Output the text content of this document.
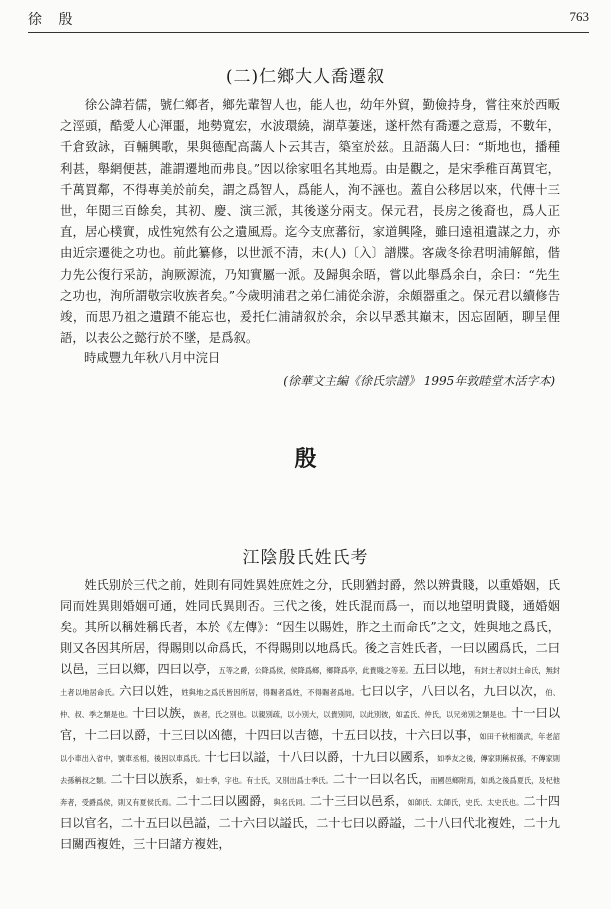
徐 殷	763
(二)仁鄉大人喬遷叙

徐公諱若儒，號仁鄉者，鄉先輩智人也，能人也，幼年外貿，勤儉持身，嘗往來於西畈之涇頭，酷愛人心渾噩，地勢寬宏，水波環繞，湖草萋迷，遂杆然有喬遷之意焉，不數年，千倉致詠，百輛興歌，果與德配高藹人卜云其吉，築室於兹。且語藹人曰：“斯地也，播種利甚，舉網便甚，誰謂遷地而弗良。”因以徐家咀名其地焉。由是觀之，是宋季稚百萬買宅，千萬買鄰，不得專美於前矣，謂之爲智人，爲能人，洵不誣也。蓋自公移居以來，代傳十三世，年閲三百餘矣，其初、慶、演三派，其後遂分兩支。保元君，長房之後裔也，爲人正直，居心樸實，成性宛然有公之遺風焉。迄今支庶蕃衍，家道興隆，雖曰遠祖遺謀之力，亦由近宗遷徙之功也。前此纂修，以世派不清，未(人)〔入〕譜牒。客歲冬徐君明浦解館，偕力先公復行采訪，詢厥源流，乃知實屬一派。及歸與余晤，嘗以此舉爲余白，余曰：“先生之功也，洵所謂敬宗收族者矣。”今歲明浦君之弟仁浦從余游，余頗器重之。保元君以續修告竣，而思乃祖之遺蹟不能忘也，爰托仁浦請叙於余，余以早悉其巔末，因忘固陋，聊呈俚語，以表公之懿行於不墜，是爲叙。

時咸豐九年秋八月中浣日
(徐華文主編《徐氏宗譜》 1995年敦睦堂木活字本)
殷
江陰殷氏姓氏考

姓氏别於三代之前，姓則有同姓異姓庶姓之分，氏則猶封爵，然以辨貴賤，以重婚姻，氏同而姓異則婚姻可通，姓同氏異則否。三代之後，姓氏混而爲一，而以地望明貴賤，通婚姻矣。其所以稱姓稱氏者，本於《左傳》：“因生以賜姓，胙之土而命氏”之文，姓與地之爲氏，則又各因其所居，得賜則以命爲氏，不得賜則以地爲氏。後之言姓氏者，一曰以國爲氏，二曰以邑，三曰以鄉，四曰以亭，五等之爵，公降爲侯，侯降爲鄉，鄉降爲亭，此貴賤之等差。五曰以地，有封土者以封土命氏，無封土者以地居命氏。六曰以姓，姓與地之爲氏皆因所居，得賜者爲姓，不得賜者爲地。七曰以字，八曰以名，九曰以次，伯、仲、叔、季之類是也。十曰以族，族者，氏之別也。以親別疏，以小別大，以貴別同，以此別彼，如孟氏、仲氏，以兄弟別之類是也。十一曰以官，十二曰以爵，十三曰以凶德，十四曰以吉德，十五曰以技，十六曰以事，如田千秋相漢武，年老詔以小車出入省中，號車丞相，後因以車爲氏。十七曰以謚，十八曰以爵，十九曰以國系，如季友之後，傳家則稱叔孫，不傳家則去孫稱叔之類。二十曰以族系，如士季，字也。有士氏，又別出爲士季氏。二十一曰以名氏，而國邑鄉附焉，如禹之後爲夏氏，及杞他奔者，受爵爲侯，則又有夏侯氏焉。二十二曰以國爵，與名氏同。二十三曰以邑系，如師氏、太師氏，史氏、太史氏也。二十四曰以官名，二十五曰以邑謚，二十六曰以謚氏，二十七曰以爵謚，二十八曰代北複姓，二十九曰關西複姓，三十曰諸方複姓，
